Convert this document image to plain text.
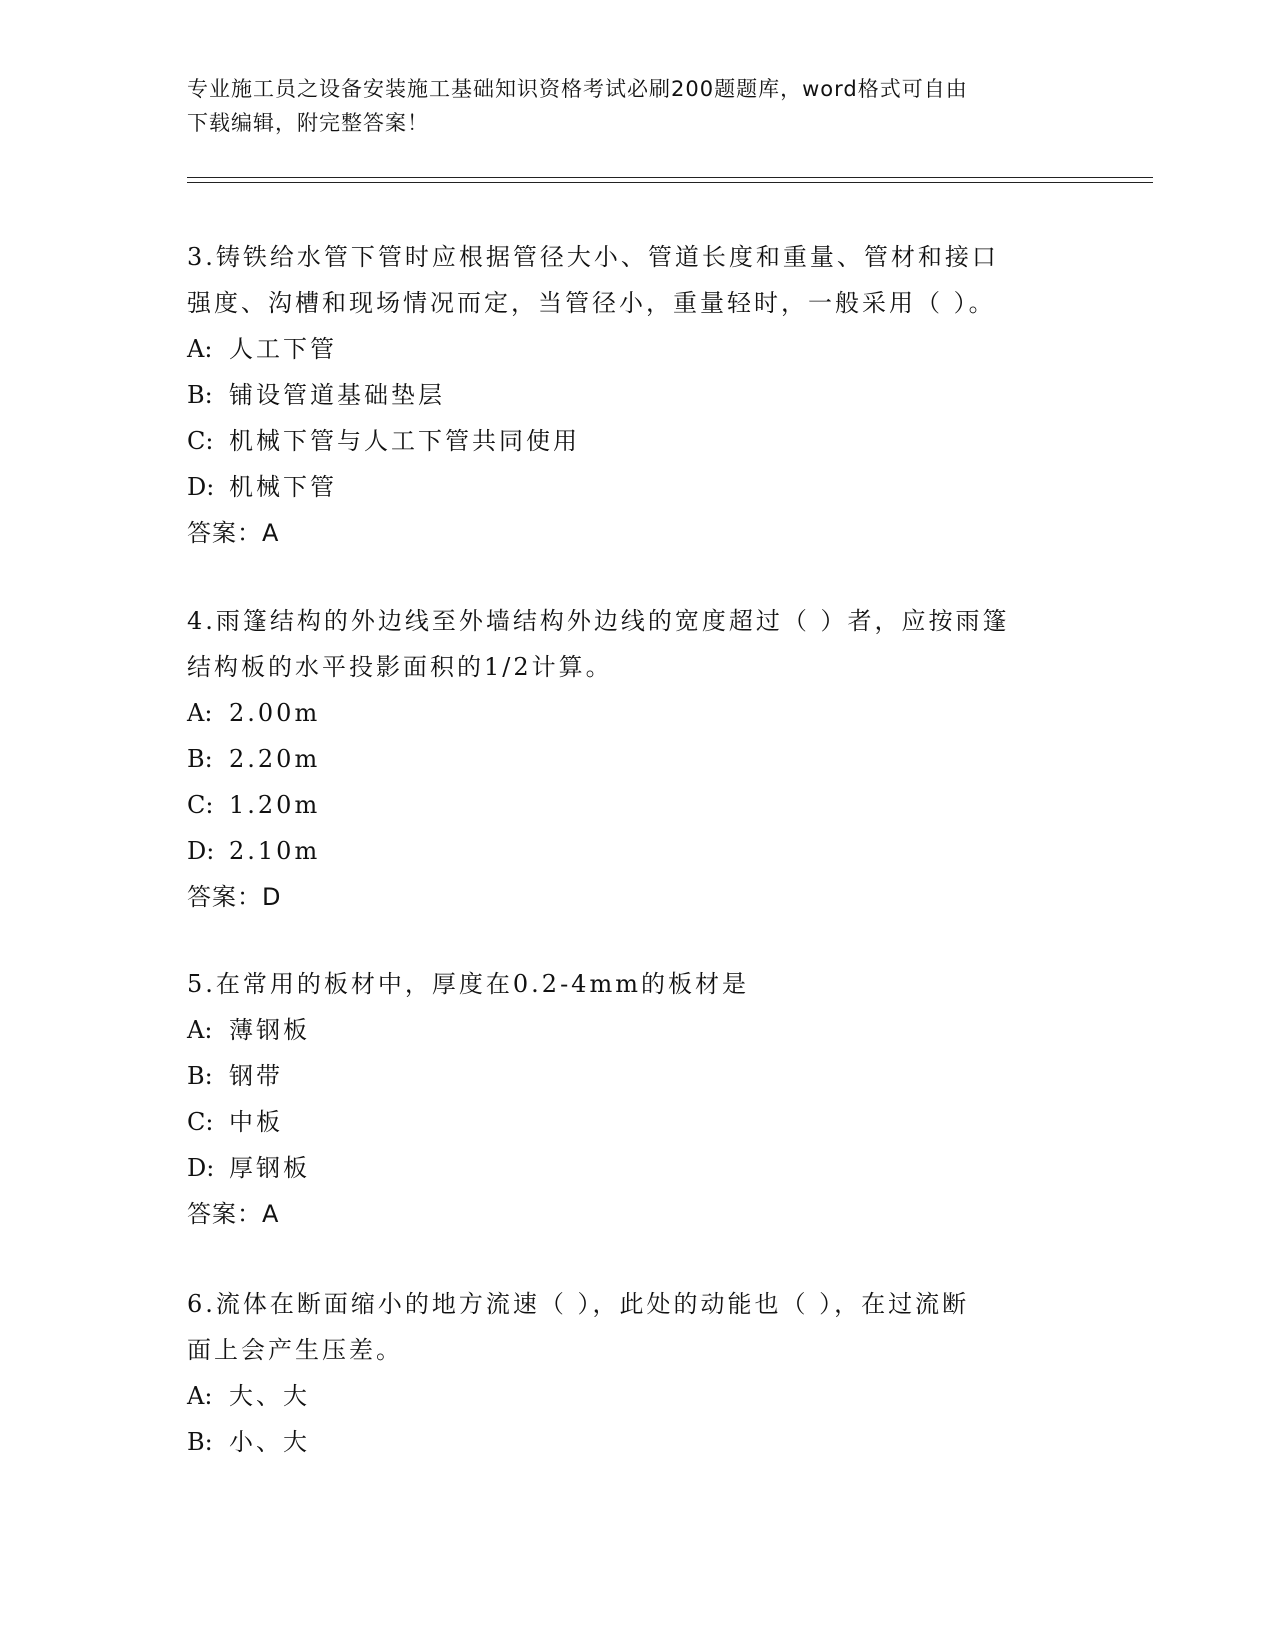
专业施工员之设备安装施工基础知识资格考试必刷200题题库，word格式可自由
下载编辑，附完整答案！
3.铸铁给水管下管时应根据管径大小、管道长度和重量、管材和接口
强度、沟槽和现场情况而定，当管径小，重量轻时，一般采用（ ）。
A: 人工下管
B: 铺设管道基础垫层
C: 机械下管与人工下管共同使用
D: 机械下管
答案： A
4.雨篷结构的外边线至外墙结构外边线的宽度超过（ ）者，应按雨篷
结构板的水平投影面积的1/2计算。
A: 2.00m
B: 2.20m
C: 1.20m
D: 2.10m
答案： D
5.在常用的板材中，厚度在0.2-4mm的板材是
A: 薄钢板
B: 钢带
C: 中板
D: 厚钢板
答案： A
6.流体在断面缩小的地方流速（ ），此处的动能也（ ），在过流断
面上会产生压差。
A: 大、大
B: 小、大
